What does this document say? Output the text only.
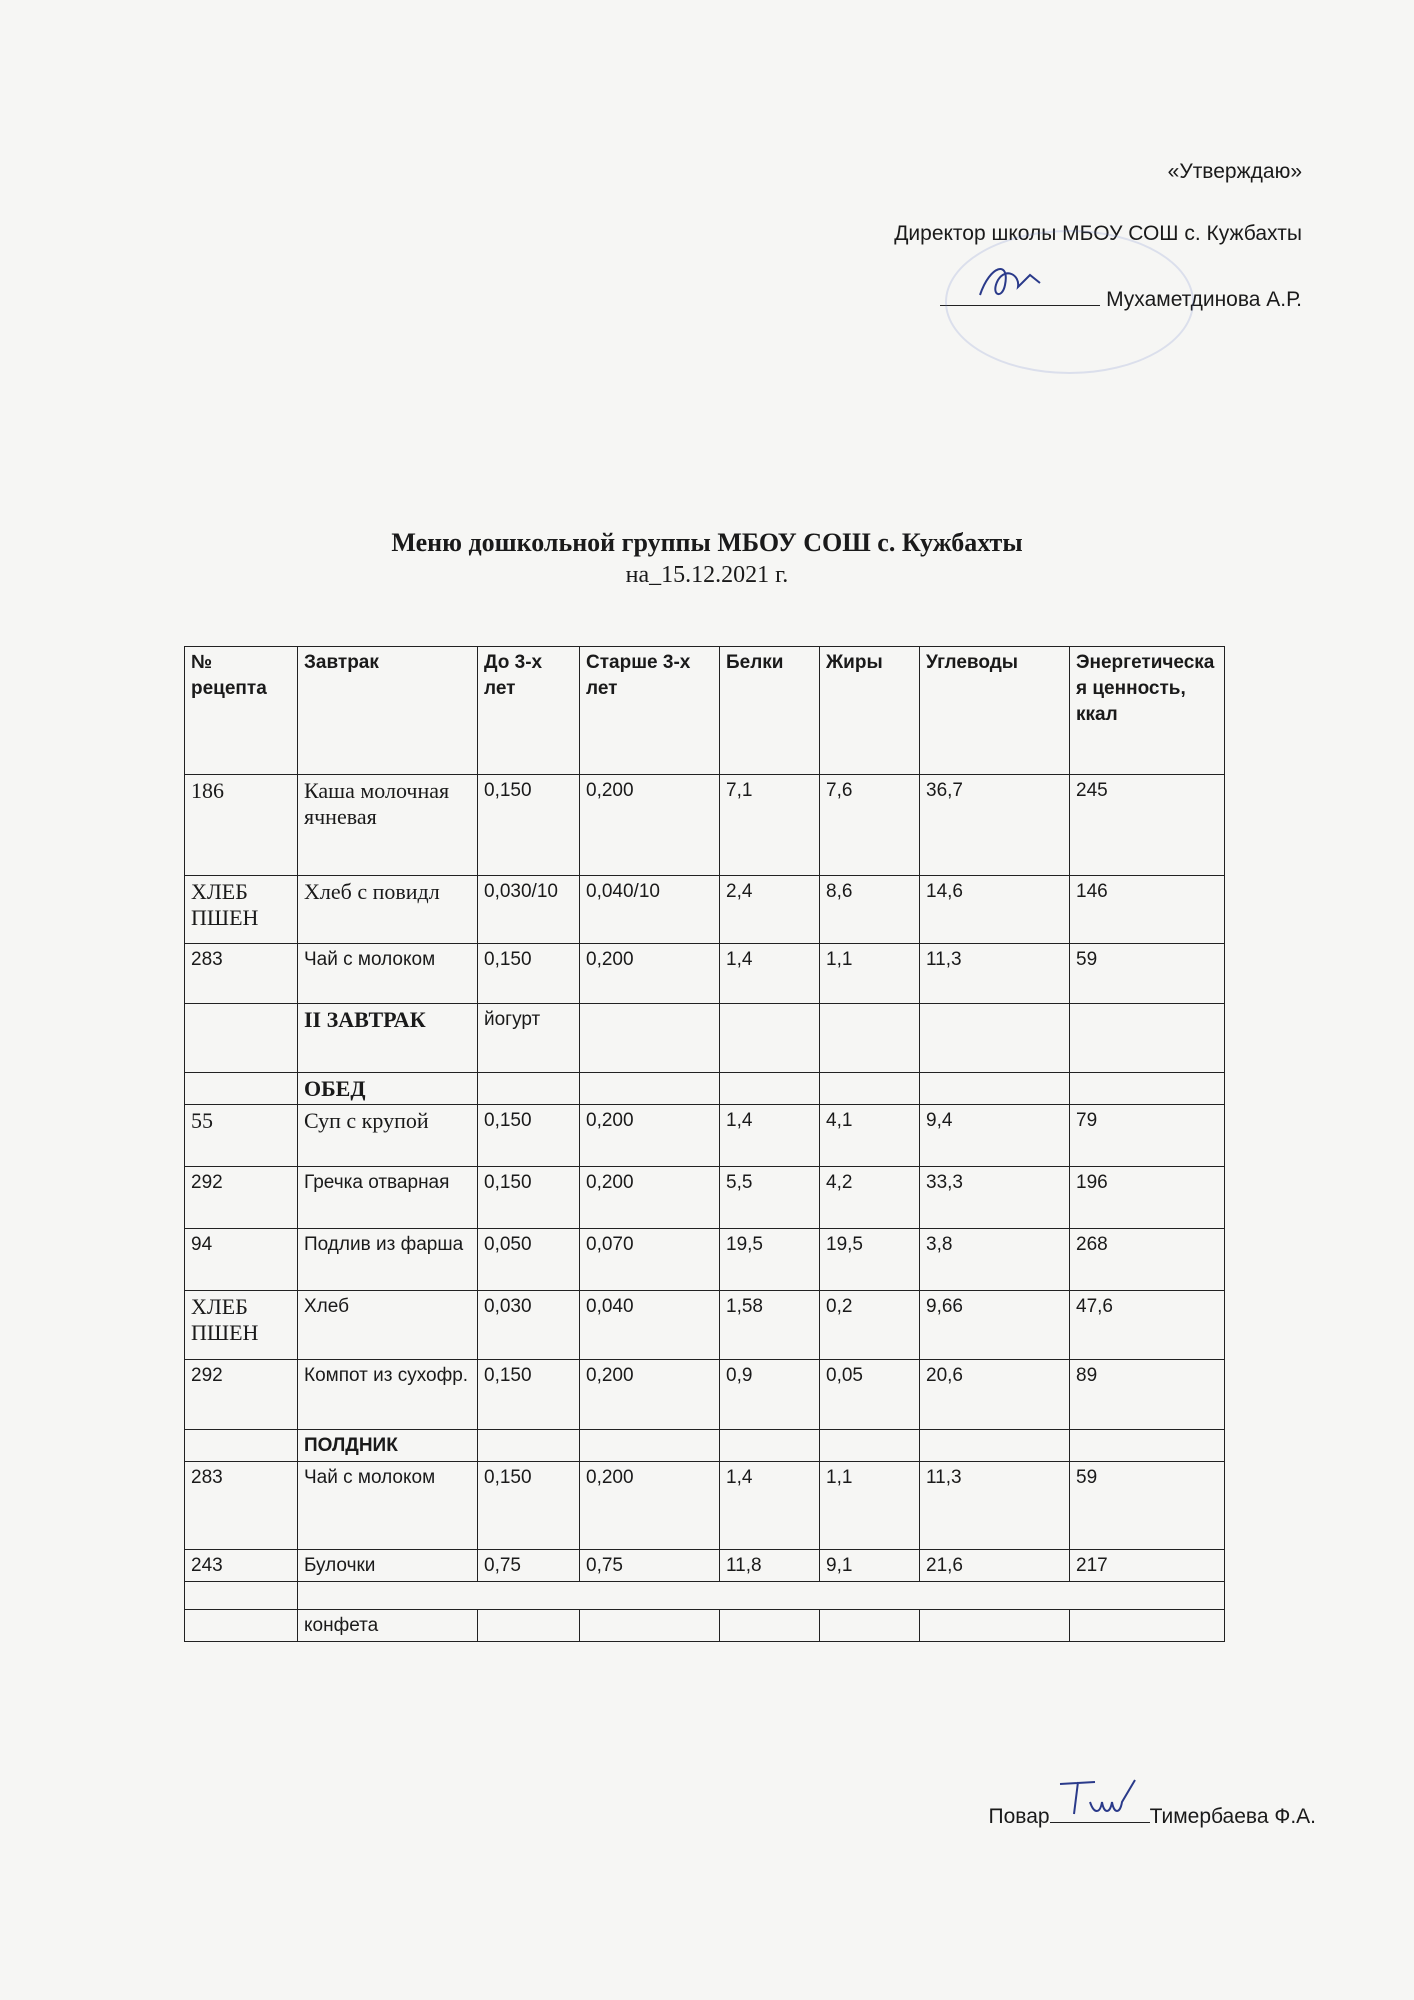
«Утверждаю»
Директор школы МБОУ СОШ с. Кужбахты
Мухаметдинова А.Р.
Меню дошкольной группы МБОУ СОШ с. Кужбахты
на_15.12.2021 г.
№ рецепта	Завтрак	До 3-х лет	Старше 3-х лет	Белки	Жиры	Углеводы	Энергетическая ценность, ккал
186	Каша молочная ячневая	0,150	0,200	7,1	7,6	36,7	245
ХЛЕБ ПШЕН	Хлеб с повидл	0,030/10	0,040/10	2,4	8,6	14,6	146
283	Чай с молоком	0,150	0,200	1,4	1,1	11,3	59
	II ЗАВТРАК	йогурт					
	ОБЕД						
55	Суп с крупой	0,150	0,200	1,4	4,1	9,4	79
292	Гречка отварная	0,150	0,200	5,5	4,2	33,3	196
94	Подлив из фарша	0,050	0,070	19,5	19,5	3,8	268
ХЛЕБ ПШЕН	Хлеб	0,030	0,040	1,58	0,2	9,66	47,6
292	Компот из сухофр.	0,150	0,200	0,9	0,05	20,6	89
	ПОЛДНИК						
283	Чай с молоком	0,150	0,200	1,4	1,1	11,3	59
243	Булочки	0,75	0,75	11,8	9,1	21,6	217

	конфета						
Повар	Тимербаева Ф.А.
